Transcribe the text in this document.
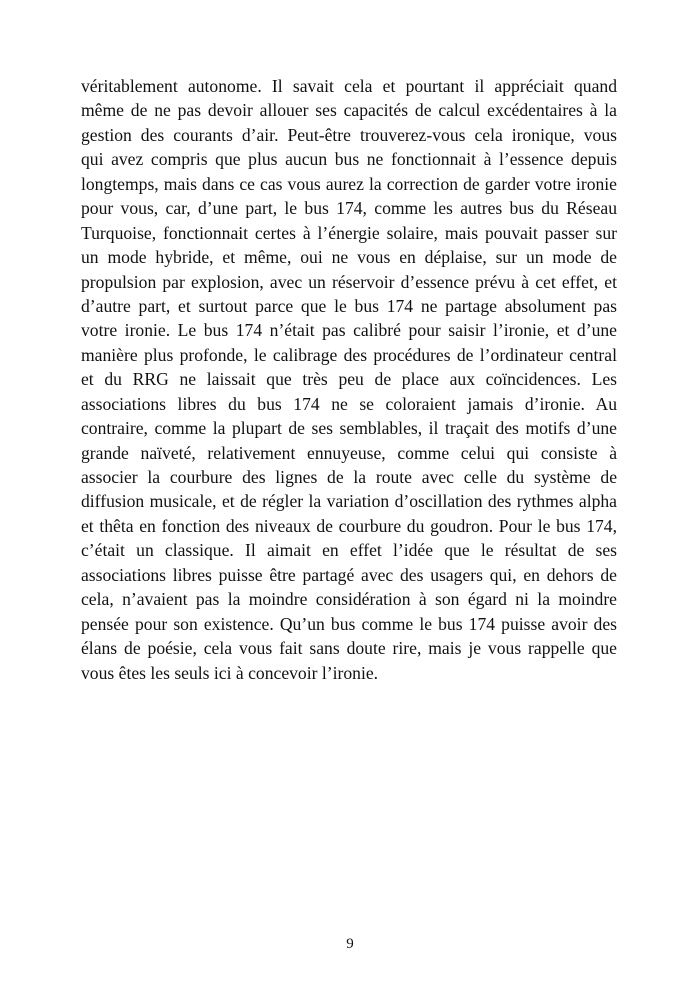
véritablement autonome. Il savait cela et pourtant il appréciait quand
même de ne pas devoir allouer ses capacités de calcul excédentaires à la
gestion des courants d’air. Peut-être trouverez-vous cela ironique, vous
qui avez compris que plus aucun bus ne fonctionnait à l’essence depuis
longtemps, mais dans ce cas vous aurez la correction de garder votre ironie
pour vous, car, d’une part, le bus 174, comme les autres bus du Réseau
Turquoise, fonctionnait certes à l’énergie solaire, mais pouvait passer sur
un mode hybride, et même, oui ne vous en déplaise, sur un mode de
propulsion par explosion, avec un réservoir d’essence prévu à cet effet, et
d’autre part, et surtout parce que le bus 174 ne partage absolument pas
votre ironie. Le bus 174 n’était pas calibré pour saisir l’ironie, et d’une
manière plus profonde, le calibrage des procédures de l’ordinateur central
et du RRG ne laissait que très peu de place aux coïncidences. Les
associations libres du bus 174 ne se coloraient jamais d’ironie. Au
contraire, comme la plupart de ses semblables, il traçait des motifs d’une
grande naïveté, relativement ennuyeuse, comme celui qui consiste à
associer la courbure des lignes de la route avec celle du système de
diffusion musicale, et de régler la variation d’oscillation des rythmes alpha
et thêta en fonction des niveaux de courbure du goudron. Pour le bus 174,
c’était un classique. Il aimait en effet l’idée que le résultat de ses
associations libres puisse être partagé avec des usagers qui, en dehors de
cela, n’avaient pas la moindre considération à son égard ni la moindre
pensée pour son existence. Qu’un bus comme le bus 174 puisse avoir des
élans de poésie, cela vous fait sans doute rire, mais je vous rappelle que
vous êtes les seuls ici à concevoir l’ironie.
9
